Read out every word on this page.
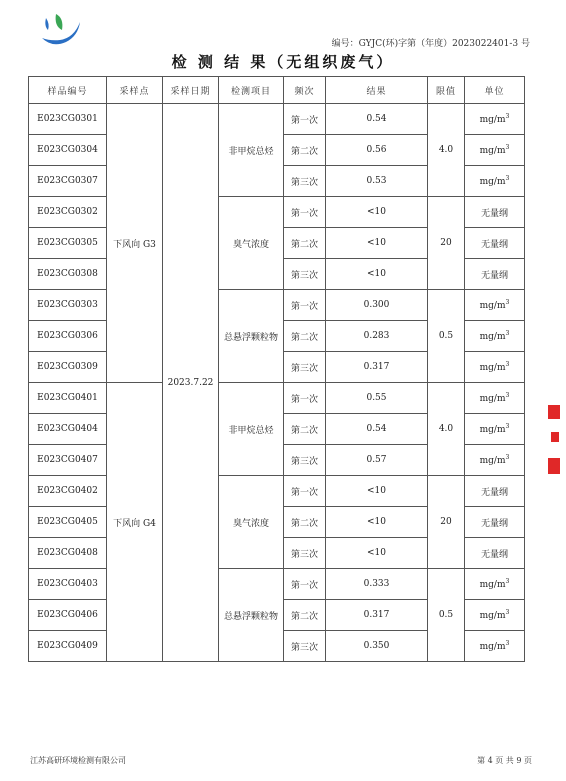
编号：GYJC(环)字第（年度）2023022401-3 号
检 测 结 果（无组织废气）
样品编号	采样点	采样日期	检测项目	频次	结果	限值	单位
E023CG0301	下风向 G3	2023.7.22	非甲烷总烃	第一次	0.54	4.0	$mg/m^3$
E023CG0304				第二次	0.56		$mg/m^3$
E023CG0307				第三次	0.53		$mg/m^3$
E023CG0302			臭气浓度	第一次	<10	20	无量纲
E023CG0305				第二次	<10		无量纲
E023CG0308				第三次	<10		无量纲
E023CG0303			总悬浮颗粒物	第一次	0.300	0.5	$mg/m^3$
E023CG0306				第二次	0.283		$mg/m^3$
E023CG0309				第三次	0.317		$mg/m^3$
E023CG0401	下风向 G4		非甲烷总烃	第一次	0.55	4.0	$mg/m^3$
E023CG0404				第二次	0.54		$mg/m^3$
E023CG0407				第三次	0.57		$mg/m^3$
E023CG0402			臭气浓度	第一次	<10	20	无量纲
E023CG0405				第二次	<10		无量纲
E023CG0408				第三次	<10		无量纲
E023CG0403			总悬浮颗粒物	第一次	0.333	0.5	$mg/m^3$
E023CG0406				第二次	0.317		$mg/m^3$
E023CG0409				第三次	0.350		$mg/m^3$
江苏高研环境检测有限公司	第 4 页 共 9 页
